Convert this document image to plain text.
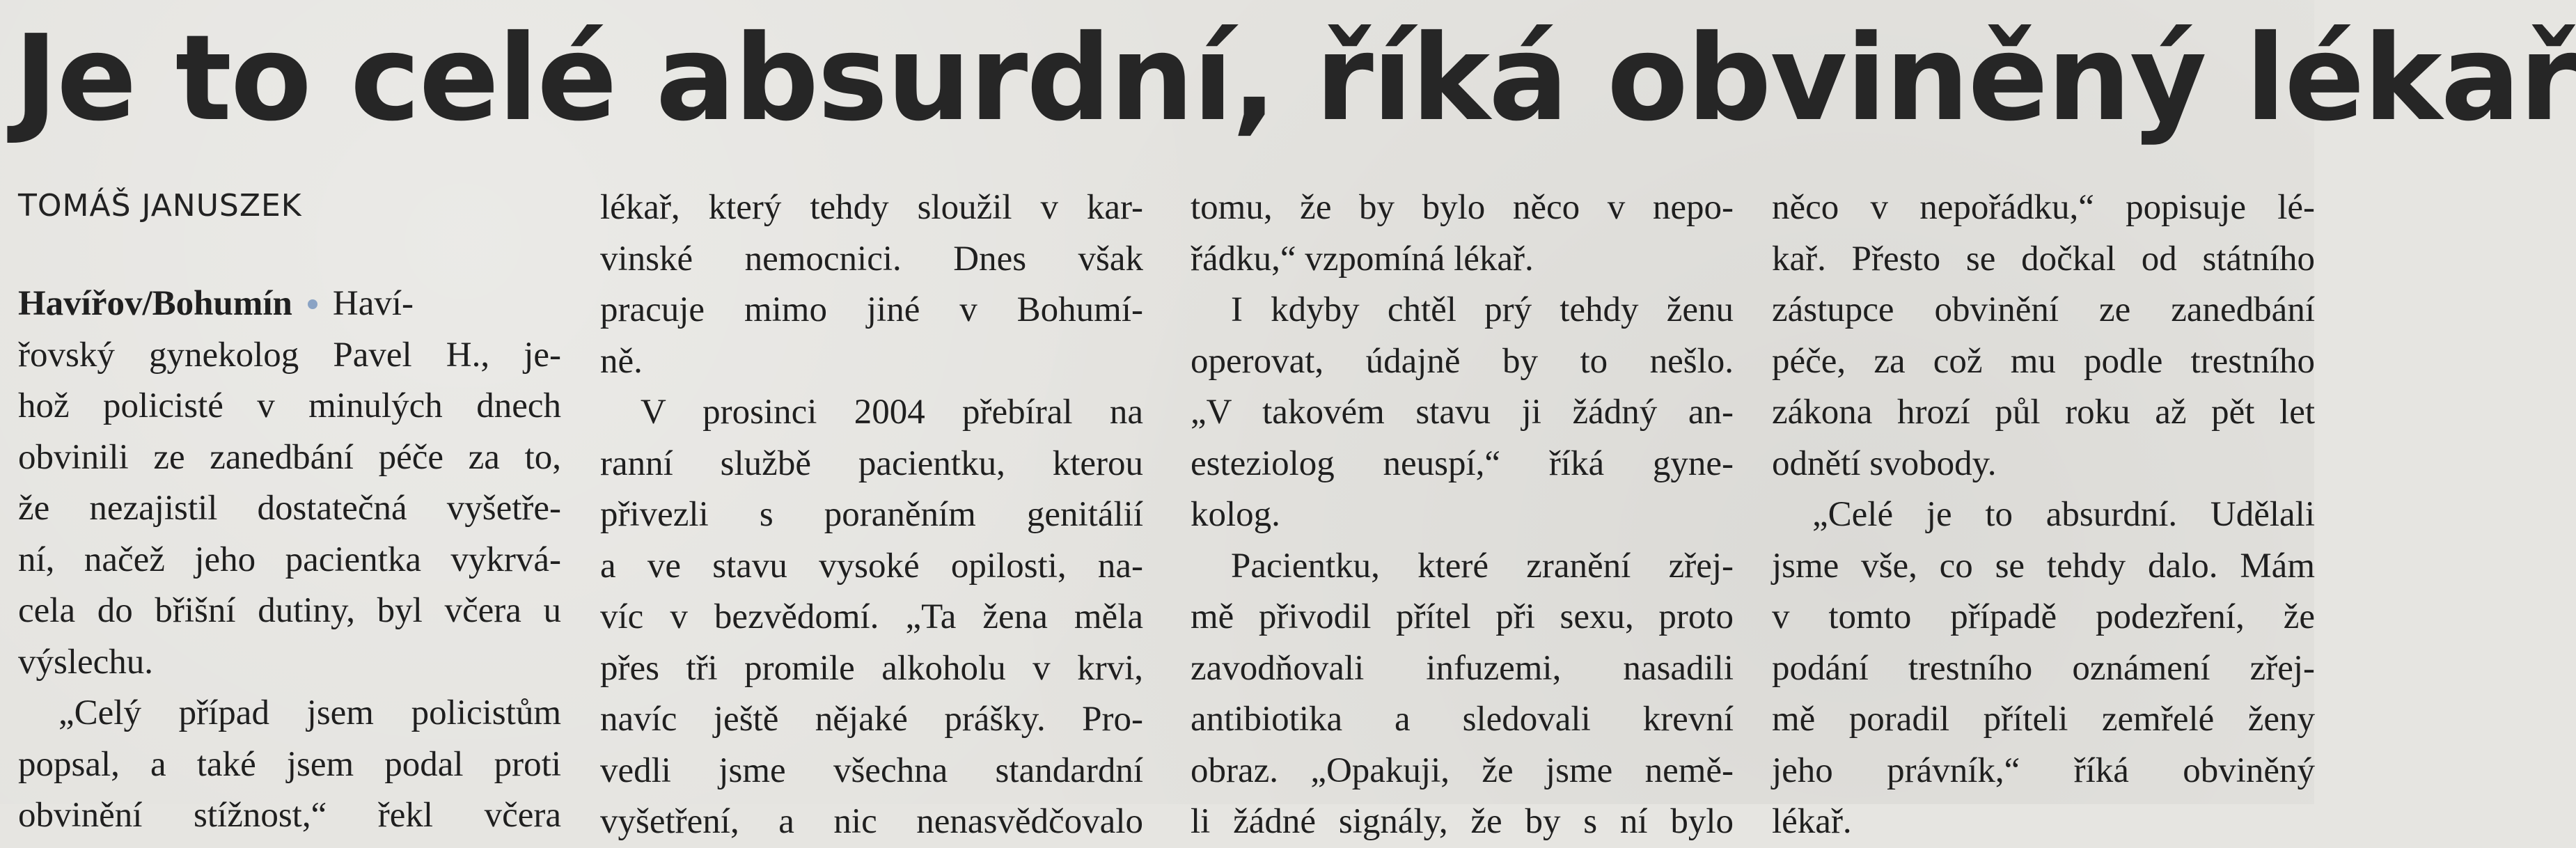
Je to celé absurdní, říká obviněný lékař
TOMÁŠ JANUSZEK
Havířov/Bohumín Haví-
řovský gynekolog Pavel H., je-
hož policisté v minulých dnech
obvinili ze zanedbání péče za to,
že nezajistil dostatečná vyšetře-
ní, načež jeho pacientka vykrvá-
cela do břišní dutiny, byl včera u
výslechu.
„Celý případ jsem policistům
popsal, a také jsem podal proti
obvinění stížnost,“ řekl včera
lékař, který tehdy sloužil v kar-
vinské nemocnici. Dnes však
pracuje mimo jiné v Bohumí-
ně.
V prosinci 2004 přebíral na
ranní službě pacientku, kterou
přivezli s poraněním genitálií
a ve stavu vysoké opilosti, na-
víc v bezvědomí. „Ta žena měla
přes tři promile alkoholu v krvi,
navíc ještě nějaké prášky. Pro-
vedli jsme všechna standardní
vyšetření, a nic nenasvědčovalo
tomu, že by bylo něco v nepo-
řádku,“ vzpomíná lékař.
I kdyby chtěl prý tehdy ženu
operovat, údajně by to nešlo.
„V takovém stavu ji žádný an-
esteziolog neuspí,“ říká gyne-
kolog.
Pacientku, které zranění zřej-
mě přivodil přítel při sexu, proto
zavodňovali infuzemi, nasadili
antibiotika a sledovali krevní
obraz. „Opakuji, že jsme nemě-
li žádné signály, že by s ní bylo
něco v nepořádku,“ popisuje lé-
kař. Přesto se dočkal od státního
zástupce obvinění ze zanedbání
péče, za což mu podle trestního
zákona hrozí půl roku až pět let
odnětí svobody.
„Celé je to absurdní. Udělali
jsme vše, co se tehdy dalo. Mám
v tomto případě podezření, že
podání trestního oznámení zřej-
mě poradil příteli zemřelé ženy
jeho právník,“ říká obviněný
lékař.
